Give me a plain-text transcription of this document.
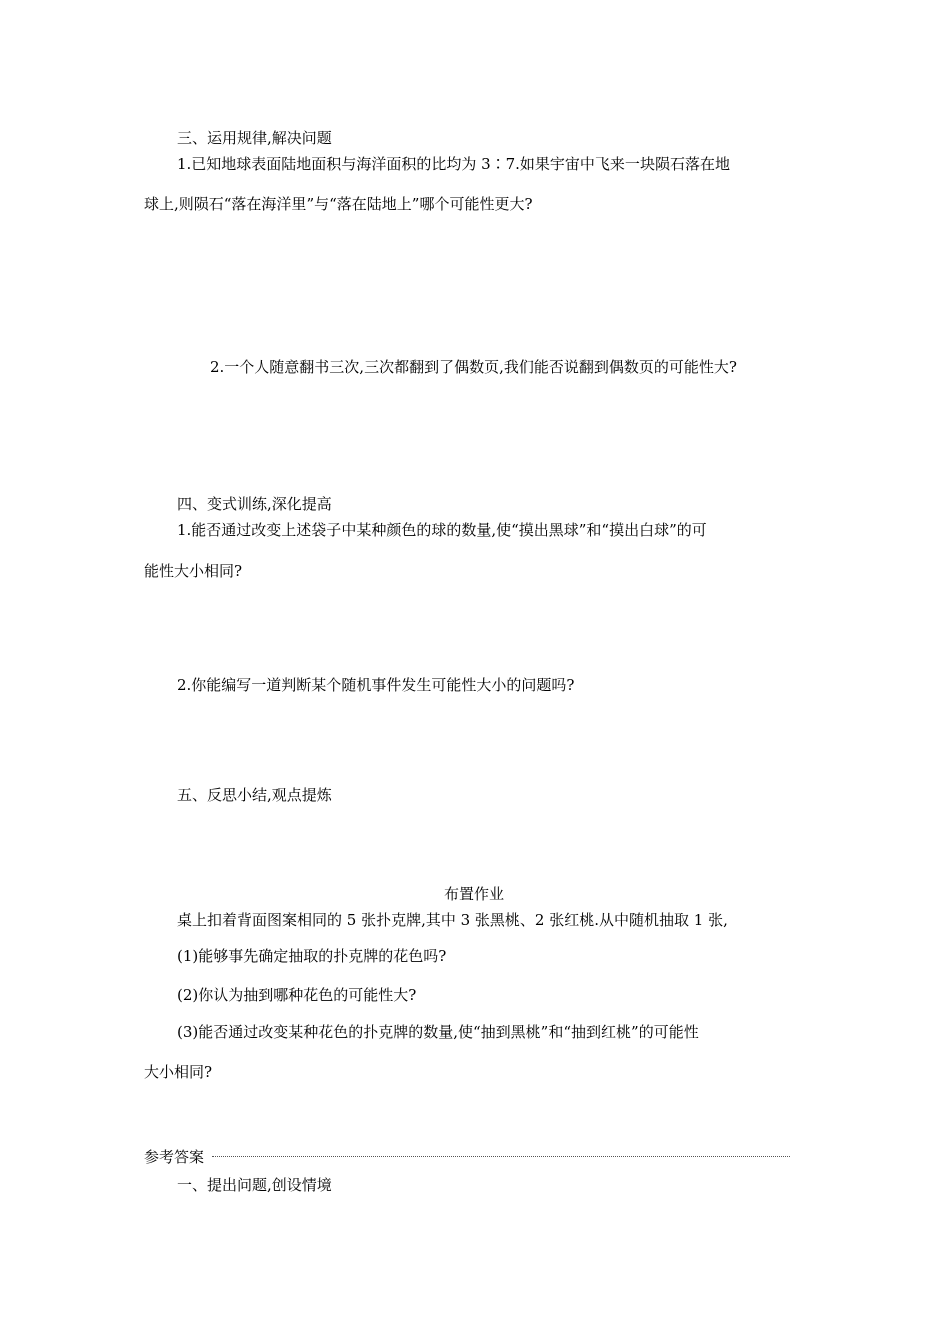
三、运用规律,解决问题
1.已知地球表面陆地面积与海洋面积的比均为 3∶7.如果宇宙中飞来一块陨石落在地
球上,则陨石“落在海洋里”与“落在陆地上”哪个可能性更大?
2.一个人随意翻书三次,三次都翻到了偶数页,我们能否说翻到偶数页的可能性大?
四、变式训练,深化提高
1.能否通过改变上述袋子中某种颜色的球的数量,使“摸出黑球”和“摸出白球”的可
能性大小相同?
2.你能编写一道判断某个随机事件发生可能性大小的问题吗?
五、反思小结,观点提炼
布置作业
桌上扣着背面图案相同的 5 张扑克牌,其中 3 张黑桃、2 张红桃.从中随机抽取 1 张,
(1)能够事先确定抽取的扑克牌的花色吗?
(2)你认为抽到哪种花色的可能性大?
(3)能否通过改变某种花色的扑克牌的数量,使“抽到黑桃”和“抽到红桃”的可能性
大小相同?
参考答案
一、提出问题,创设情境
